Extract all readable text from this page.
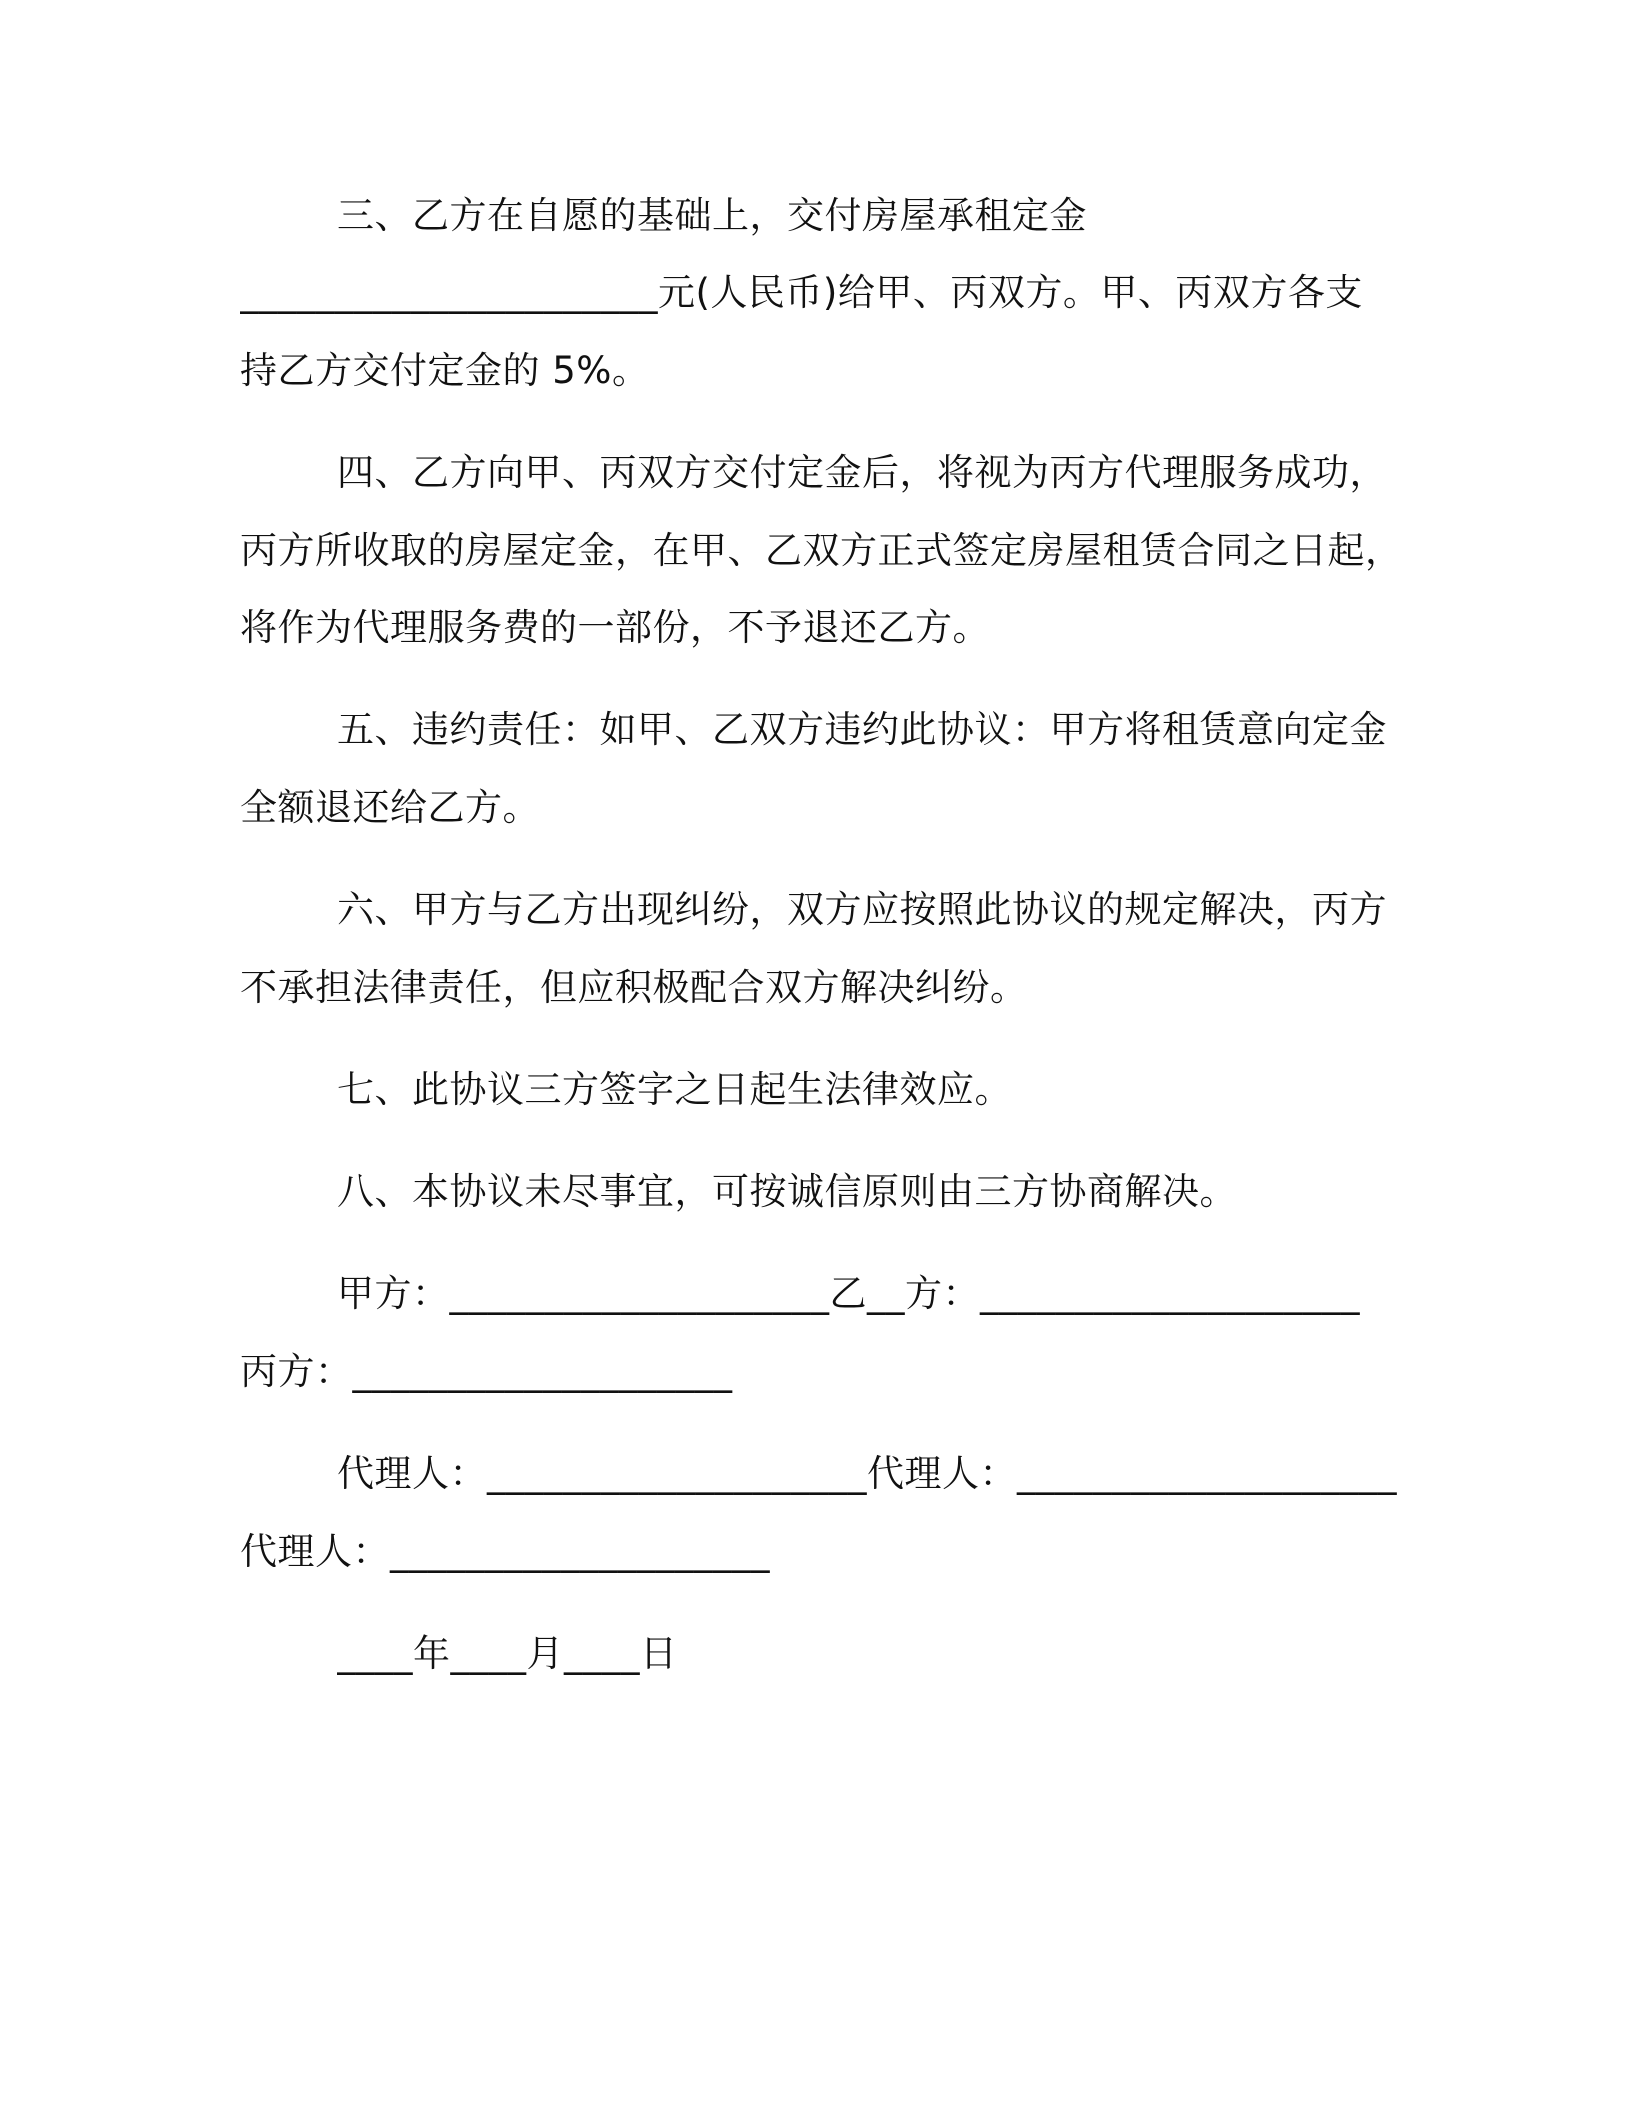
三、乙方在自愿的基础上，交付房屋承租定金
______________________元(人民币)给甲、丙双方。甲、丙双方各支
持乙方交付定金的 5%。
四、乙方向甲、丙双方交付定金后，将视为丙方代理服务成功，
丙方所收取的房屋定金，在甲、乙双方正式签定房屋租赁合同之日起，
将作为代理服务费的一部份，不予退还乙方。
五、违约责任：如甲、乙双方违约此协议：甲方将租赁意向定金
全额退还给乙方。
六、甲方与乙方出现纠纷，双方应按照此协议的规定解决，丙方
不承担法律责任，但应积极配合双方解决纠纷。
七、此协议三方签字之日起生法律效应。
八、本协议未尽事宜，可按诚信原则由三方协商解决。
甲方：____________________乙__方：____________________
丙方：____________________
代理人：____________________代理人：____________________
代理人：____________________
____年____月____日
